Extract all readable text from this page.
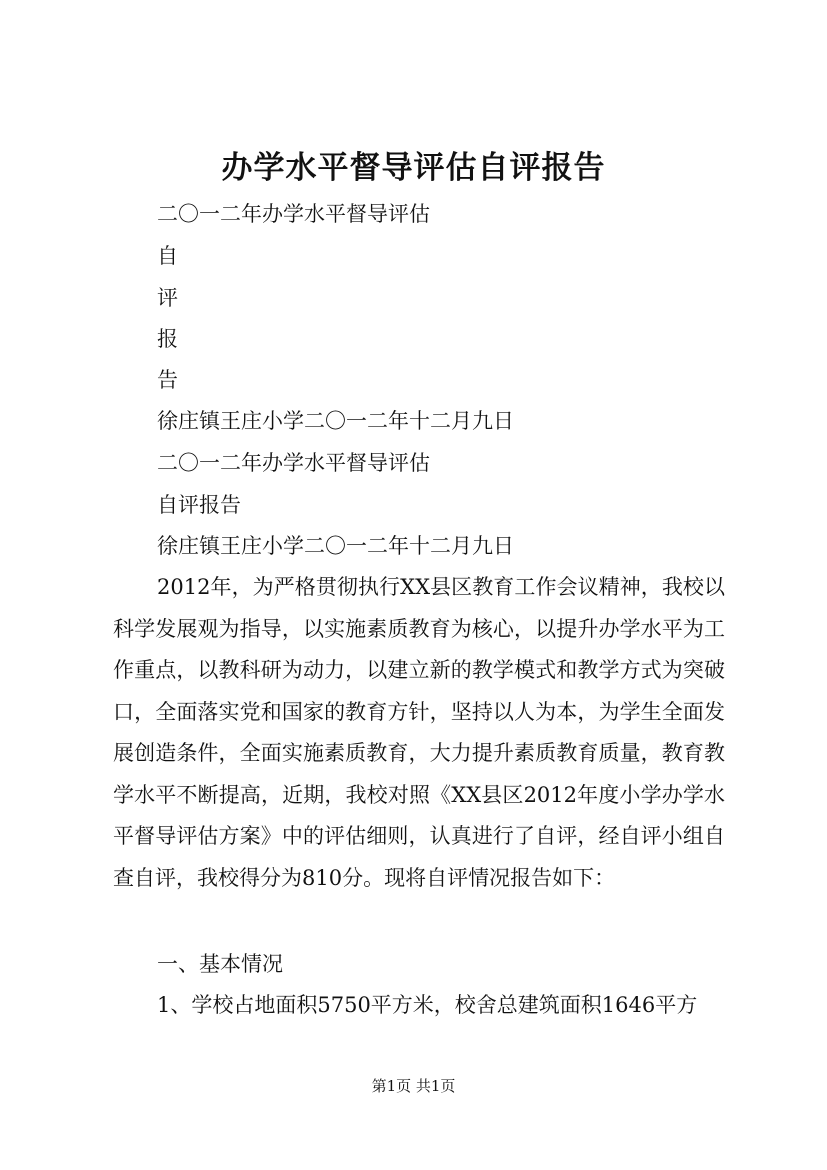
办学水平督导评估自评报告
二〇一二年办学水平督导评估
自
评
报
告
徐庄镇王庄小学二〇一二年十二月九日
二〇一二年办学水平督导评估
自评报告
徐庄镇王庄小学二〇一二年十二月九日

2012年，为严格贯彻执行XX县区教育工作会议精神，我校以科学发展观为指导，以实施素质教育为核心，以提升办学水平为工作重点，以教科研为动力，以建立新的教学模式和教学方式为突破口，全面落实党和国家的教育方针，坚持以人为本，为学生全面发展创造条件，全面实施素质教育，大力提升素质教育质量，教育教学水平不断提高，近期，我校对照《XX县区2012年度小学办学水平督导评估方案》中的评估细则，认真进行了自评，经自评小组自查自评，我校得分为810分。现将自评情况报告如下：

一、基本情况
1、学校占地面积5750平方米，校舍总建筑面积1646平方
第1页 共1页
